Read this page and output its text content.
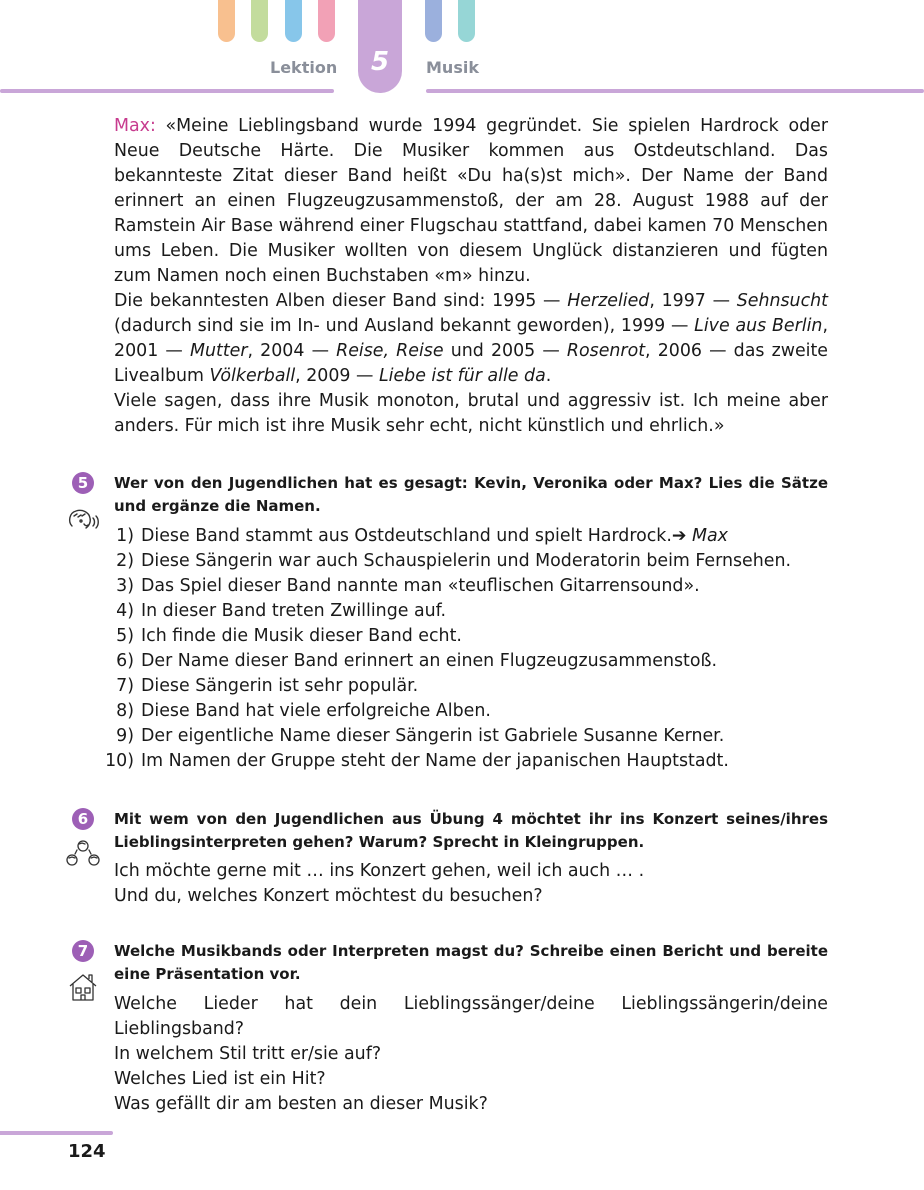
5
Lektion	Musik

Max: «Meine Lieblingsband wurde 1994 gegründet. Sie spielen Hardrock oder Neue Deutsche Härte. Die Musiker kommen aus Ostdeutschland. Das bekannteste Zitat dieser Band heißt «Du ha(s)st mich». Der Name der Band erinnert an einen Flugzeugzusammenstoß, der am 28. August 1988 auf der Ramstein Air Base während einer Flugschau stattfand, dabei kamen 70 Menschen ums Leben. Die Musiker wollten von diesem Unglück distanzieren und fügten zum Namen noch einen Buchstaben «m» hinzu.

Die bekanntesten Alben dieser Band sind: 1995 — Herzelied, 1997 — Sehnsucht (dadurch sind sie im In- und Ausland bekannt geworden), 1999 — Live aus Berlin, 2001 — Mutter, 2004 — Reise, Reise und 2005 — Rosenrot, 2006 — das zweite Livealbum Völkerball, 2009 — Liebe ist für alle da.

Viele sagen, dass ihre Musik monoton, brutal und aggressiv ist. Ich meine aber anders. Für mich ist ihre Musik sehr echt, nicht künstlich und ehrlich.»

5	Wer von den Jugendlichen hat es gesagt: Kevin, Veronika oder Max? Lies die Sätze und ergänze die Namen.

1) Diese Band stammt aus Ostdeutschland und spielt Hardrock. ➔ Max
2) Diese Sängerin war auch Schauspielerin und Moderatorin beim Fernsehen.
3) Das Spiel dieser Band nannte man «teuflischen Gitarrensound».
4) In dieser Band treten Zwillinge auf.
5) Ich finde die Musik dieser Band echt.
6) Der Name dieser Band erinnert an einen Flugzeugzusammenstoß.
7) Diese Sängerin ist sehr populär.
8) Diese Band hat viele erfolgreiche Alben.
9) Der eigentliche Name dieser Sängerin ist Gabriele Susanne Kerner.
10) Im Namen der Gruppe steht der Name der japanischen Hauptstadt.
6	Mit wem von den Jugendlichen aus Übung 4 möchtet ihr ins Konzert seines/ihres Lieblingsinterpreten gehen? Warum? Sprecht in Kleingruppen.

Ich möchte gerne mit … ins Konzert gehen, weil ich auch … .
Und du, welches Konzert möchtest du besuchen?
7	Welche Musikbands oder Interpreten magst du? Schreibe einen Bericht und bereite eine Präsentation vor.

Welche Lieder hat dein Lieblingssänger/deine Lieblingssängerin/deine Lieblingsband?
In welchem Stil tritt er/sie auf?
Welches Lied ist ein Hit?
Was gefällt dir am besten an dieser Musik?
124
